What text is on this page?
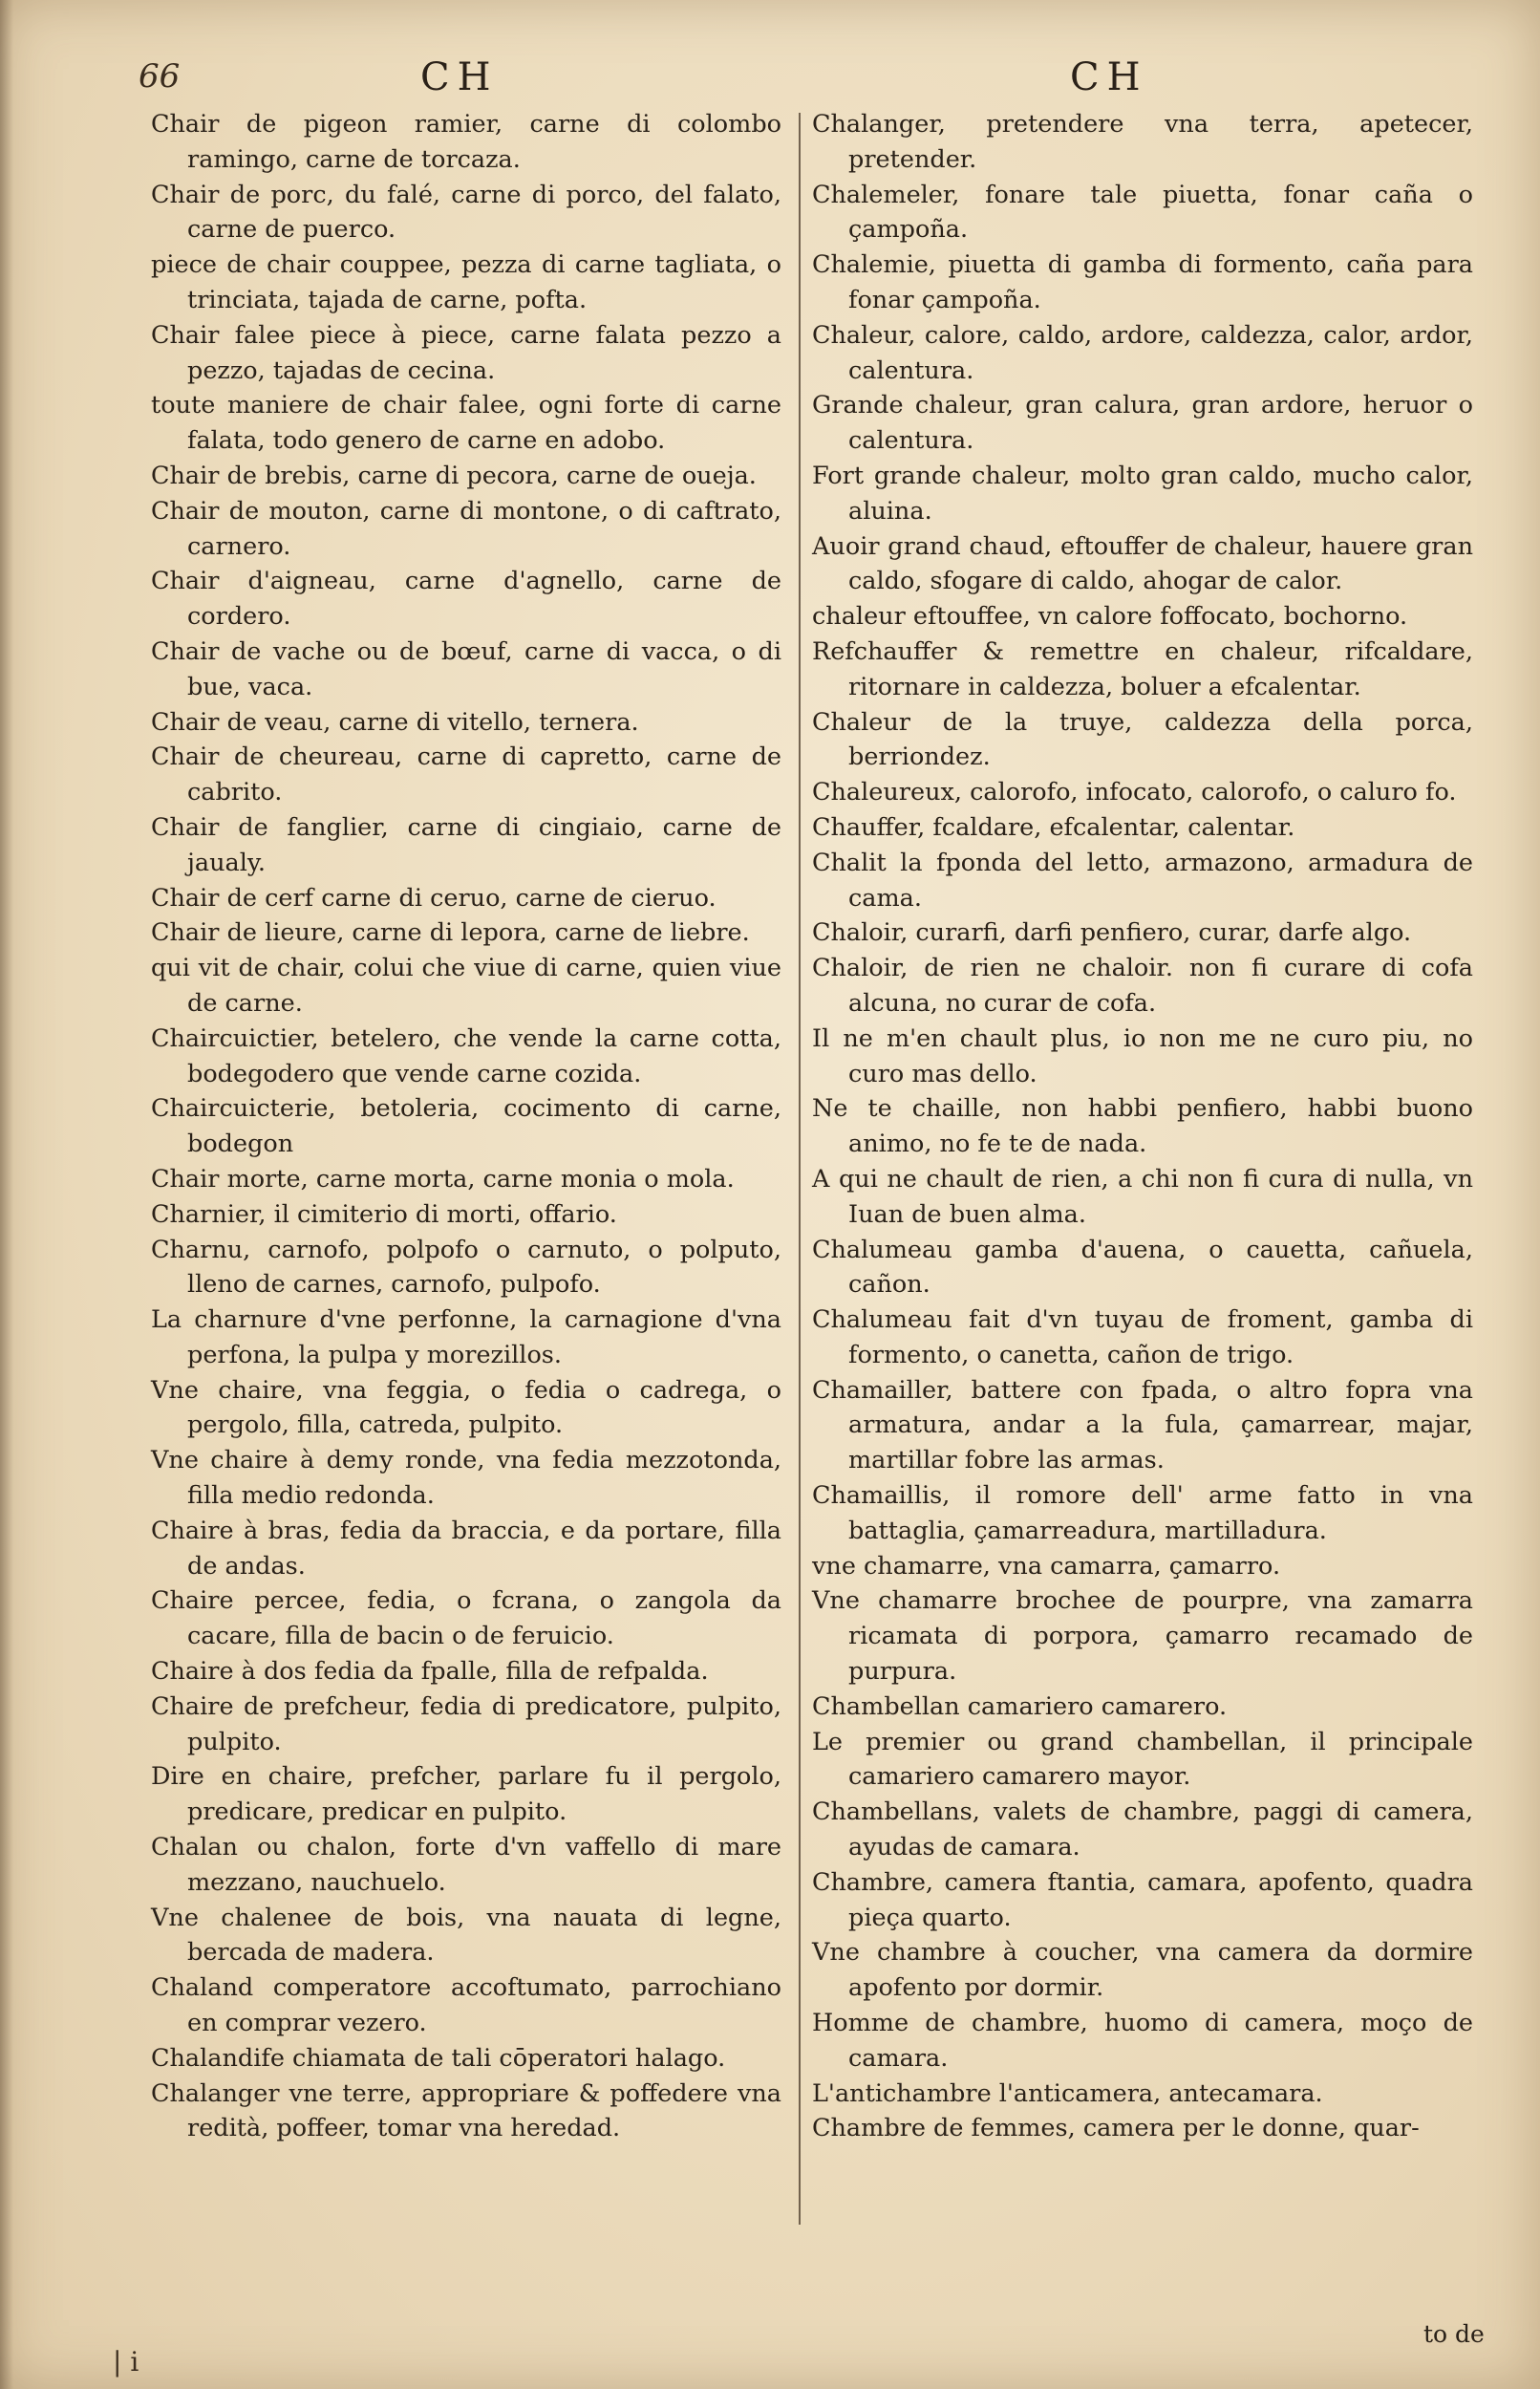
66	CH	CH
Chair de pigeon ramier, carne di colombo ramingo, carne de torcaza.
Chair de porc, du falé, carne di porco, del falato, carne de puerco.
piece de chair couppee, pezza di carne tagliata, o trinciata, tajada de carne, pofta.
Chair falee piece à piece, carne falata pezzo a pezzo, tajadas de cecina.
toute maniere de chair falee, ogni forte di carne falata, todo genero de carne en adobo.
Chair de brebis, carne di pecora, carne de oueja.
Chair de mouton, carne di montone, o di caftrato, carnero.
Chair d'aigneau, carne d'agnello, carne de cordero.
Chair de vache ou de bœuf, carne di vacca, o di bue, vaca.
Chair de veau, carne di vitello, ternera.
Chair de cheureau, carne di capretto, carne de cabrito.
Chair de fanglier, carne di cingiaio, carne de jaualy.
Chair de cerf carne di ceruo, carne de cieruo.
Chair de lieure, carne di lepora, carne de liebre.
qui vit de chair, colui che viue di carne, quien viue de carne.
Chaircuictier, betelero, che vende la carne cotta, bodegodero que vende carne cozida.
Chaircuicterie, betoleria, cocimento di carne, bodegon
Chair morte, carne morta, carne monia o mola.
Charnier, il cimiterio di morti, offario.
Charnu, carnofo, polpofo o carnuto, o polputo, lleno de carnes, carnofo, pulpofo.
La charnure d'vne perfonne, la carnagione d'vna perfona, la pulpa y morezillos.
Vne chaire, vna feggia, o fedia o cadrega, o pergolo, filla, catreda, pulpito.
Vne chaire à demy ronde, vna fedia mezzotonda, filla medio redonda.
Chaire à bras, fedia da braccia, e da portare, filla de andas.
Chaire percee, fedia, o fcrana, o zangola da cacare, filla de bacin o de feruicio.
Chaire à dos fedia da fpalle, filla de refpalda.
Chaire de prefcheur, fedia di predicatore, pulpito, pulpito.
Dire en chaire, prefcher, parlare fu il pergolo, predicare, predicar en pulpito.
Chalan ou chalon, forte d'vn vaffello di mare mezzano, nauchuelo.
Vne chalenee de bois, vna nauata di legne, bercada de madera.
Chaland comperatore accoftumato, parrochiano en comprar vezero.
Chalandife chiamata de tali cōperatori halago.
Chalanger vne terre, appropriare & poffedere vna redità, poffeer, tomar vna heredad.
Chalanger, pretendere vna terra, apetecer, pretender.
Chalemeler, fonare tale piuetta, fonar caña o çampoña.
Chalemie, piuetta di gamba di formento, caña para fonar çampoña.
Chaleur, calore, caldo, ardore, caldezza, calor, ardor, calentura.
Grande chaleur, gran calura, gran ardore, heruor o calentura.
Fort grande chaleur, molto gran caldo, mucho calor, aluina.
Auoir grand chaud, eftouffer de chaleur, hauere gran caldo, sfogare di caldo, ahogar de calor.
chaleur eftouffee, vn calore foffocato, bochorno.
Refchauffer & remettre en chaleur, rifcaldare, ritornare in caldezza, boluer a efcalentar.
Chaleur de la truye, caldezza della porca, berriondez.
Chaleureux, calorofo, infocato, calorofo, o caluro fo.
Chauffer, fcaldare, efcalentar, calentar.
Chalit la fponda del letto, armazono, armadura de cama.
Chaloir, curarfi, darfi penfiero, curar, darfe algo.
Chaloir, de rien ne chaloir. non fi curare di cofa alcuna, no curar de cofa.
Il ne m'en chault plus, io non me ne curo piu, no curo mas dello.
Ne te chaille, non habbi penfiero, habbi buono animo, no fe te de nada.
A qui ne chault de rien, a chi non fi cura di nulla, vn Iuan de buen alma.
Chalumeau gamba d'auena, o cauetta, cañuela, cañon.
Chalumeau fait d'vn tuyau de froment, gamba di formento, o canetta, cañon de trigo.
Chamailler, battere con fpada, o altro fopra vna armatura, andar a la fula, çamarrear, majar, martillar fobre las armas.
Chamaillis, il romore dell' arme fatto in vna battaglia, çamarreadura, martilladura.
vne chamarre, vna camarra, çamarro.
Vne chamarre brochee de pourpre, vna zamarra ricamata di porpora, çamarro recamado de purpura.
Chambellan camariero camarero.
Le premier ou grand chambellan, il principale camariero camarero mayor.
Chambellans, valets de chambre, paggi di camera, ayudas de camara.
Chambre, camera ftantia, camara, apofento, quadra pieça quarto.
Vne chambre à coucher, vna camera da dormire apofento por dormir.
Homme de chambre, huomo di camera, moço de camara.
L'antichambre l'anticamera, antecamara.
Chambre de femmes, camera per le donne, quar-
to de
| i
